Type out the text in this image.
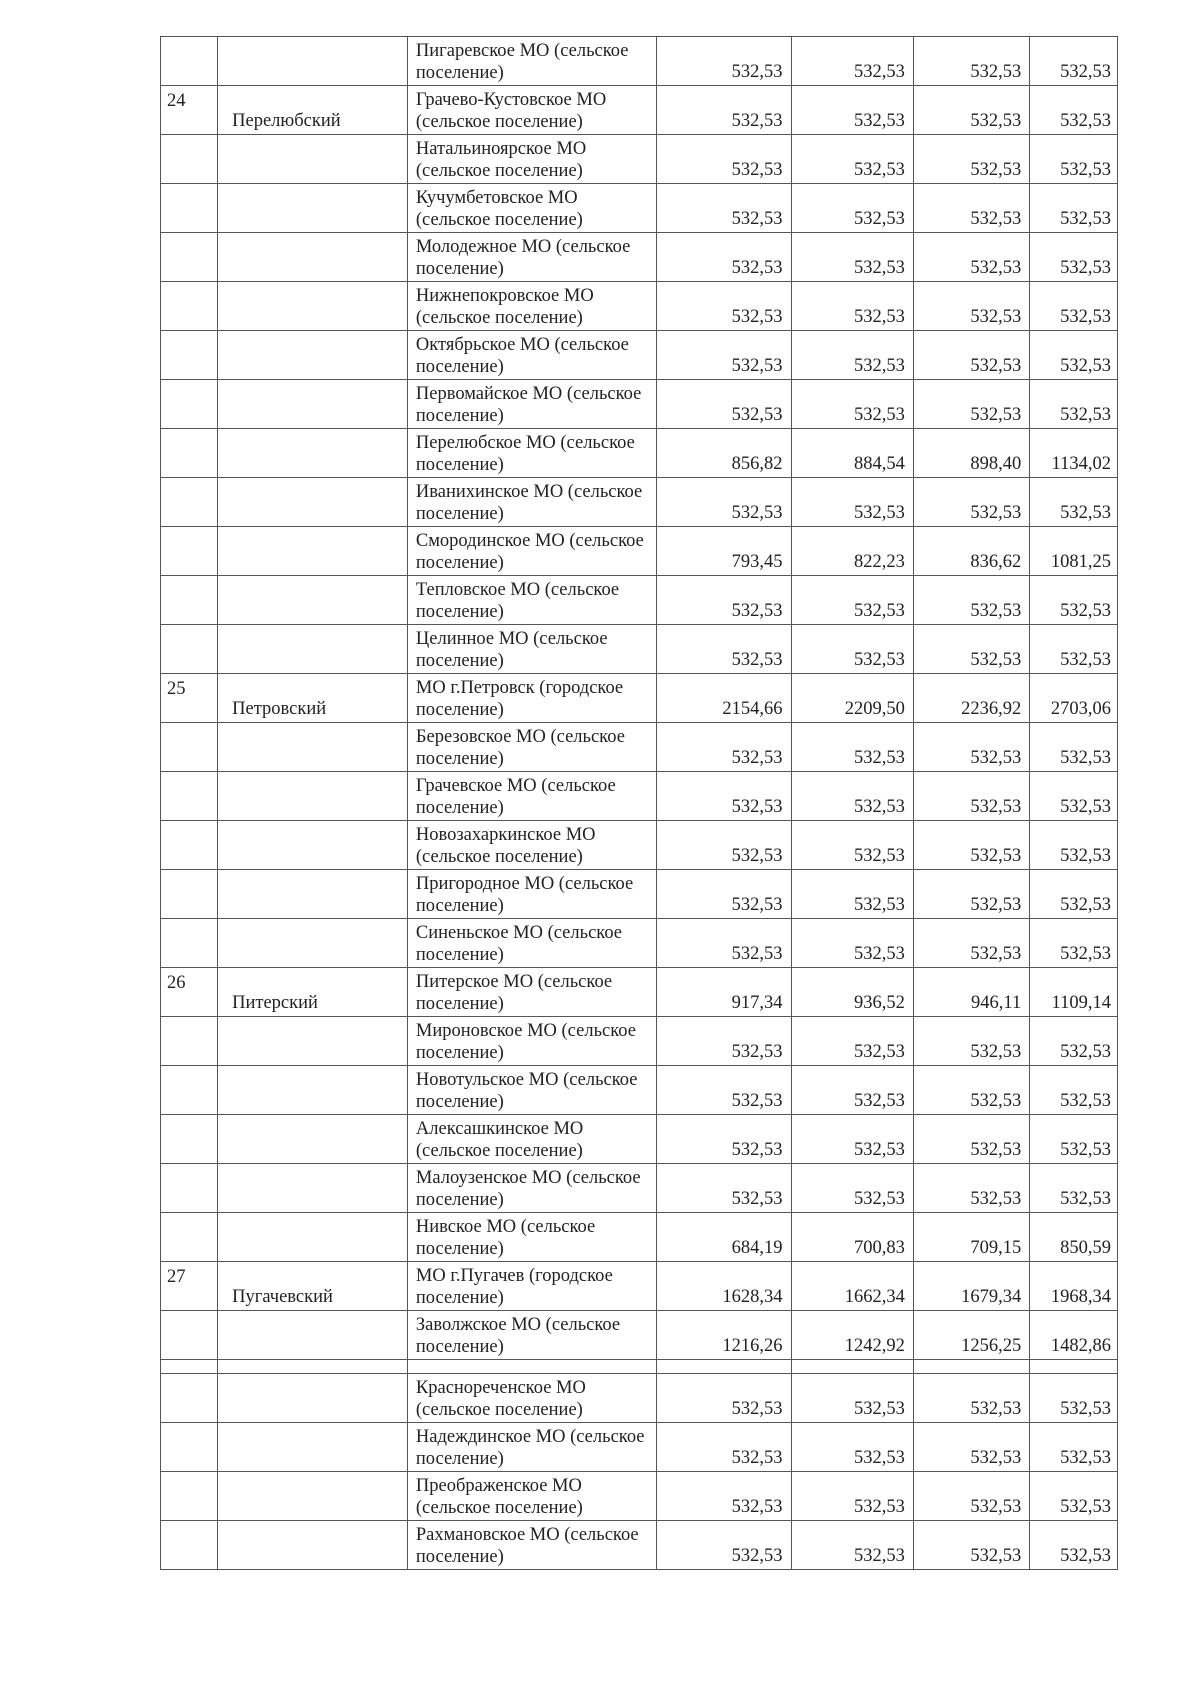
		Пигаревское МО (сельское поселение)	532,53	532,53	532,53	532,53
24	Перелюбский	Грачево-Кустовское МО (сельское поселение)	532,53	532,53	532,53	532,53
		Натальиноярское МО (сельское поселение)	532,53	532,53	532,53	532,53
		Кучумбетовское МО (сельское поселение)	532,53	532,53	532,53	532,53
		Молодежное МО (сельское поселение)	532,53	532,53	532,53	532,53
		Нижнепокровское МО (сельское поселение)	532,53	532,53	532,53	532,53
		Октябрьское МО (сельское поселение)	532,53	532,53	532,53	532,53
		Первомайское МО (сельское поселение)	532,53	532,53	532,53	532,53
		Перелюбское МО (сельское поселение)	856,82	884,54	898,40	1134,02
		Иванихинское МО (сельское поселение)	532,53	532,53	532,53	532,53
		Смородинское МО (сельское поселение)	793,45	822,23	836,62	1081,25
		Тепловское МО (сельское поселение)	532,53	532,53	532,53	532,53
		Целинное МО (сельское поселение)	532,53	532,53	532,53	532,53
25	Петровский	МО г.Петровск (городское поселение)	2154,66	2209,50	2236,92	2703,06
		Березовское МО (сельское поселение)	532,53	532,53	532,53	532,53
		Грачевское МО (сельское поселение)	532,53	532,53	532,53	532,53
		Новозахаркинское МО (сельское поселение)	532,53	532,53	532,53	532,53
		Пригородное МО (сельское поселение)	532,53	532,53	532,53	532,53
		Синеньское МО (сельское поселение)	532,53	532,53	532,53	532,53
26	Питерский	Питерское МО (сельское поселение)	917,34	936,52	946,11	1109,14
		Мироновское МО (сельское поселение)	532,53	532,53	532,53	532,53
		Новотульское МО (сельское поселение)	532,53	532,53	532,53	532,53
		Алексашкинское МО (сельское поселение)	532,53	532,53	532,53	532,53
		Малоузенское МО (сельское поселение)	532,53	532,53	532,53	532,53
		Нивское МО (сельское поселение)	684,19	700,83	709,15	850,59
27	Пугачевский	МО г.Пугачев (городское поселение)	1628,34	1662,34	1679,34	1968,34
		Заволжское МО (сельское поселение)	1216,26	1242,92	1256,25	1482,86

		Краснореченское МО (сельское поселение)	532,53	532,53	532,53	532,53
		Надеждинское МО (сельское поселение)	532,53	532,53	532,53	532,53
		Преображенское МО (сельское поселение)	532,53	532,53	532,53	532,53
		Рахмановское МО (сельское поселение)	532,53	532,53	532,53	532,53
